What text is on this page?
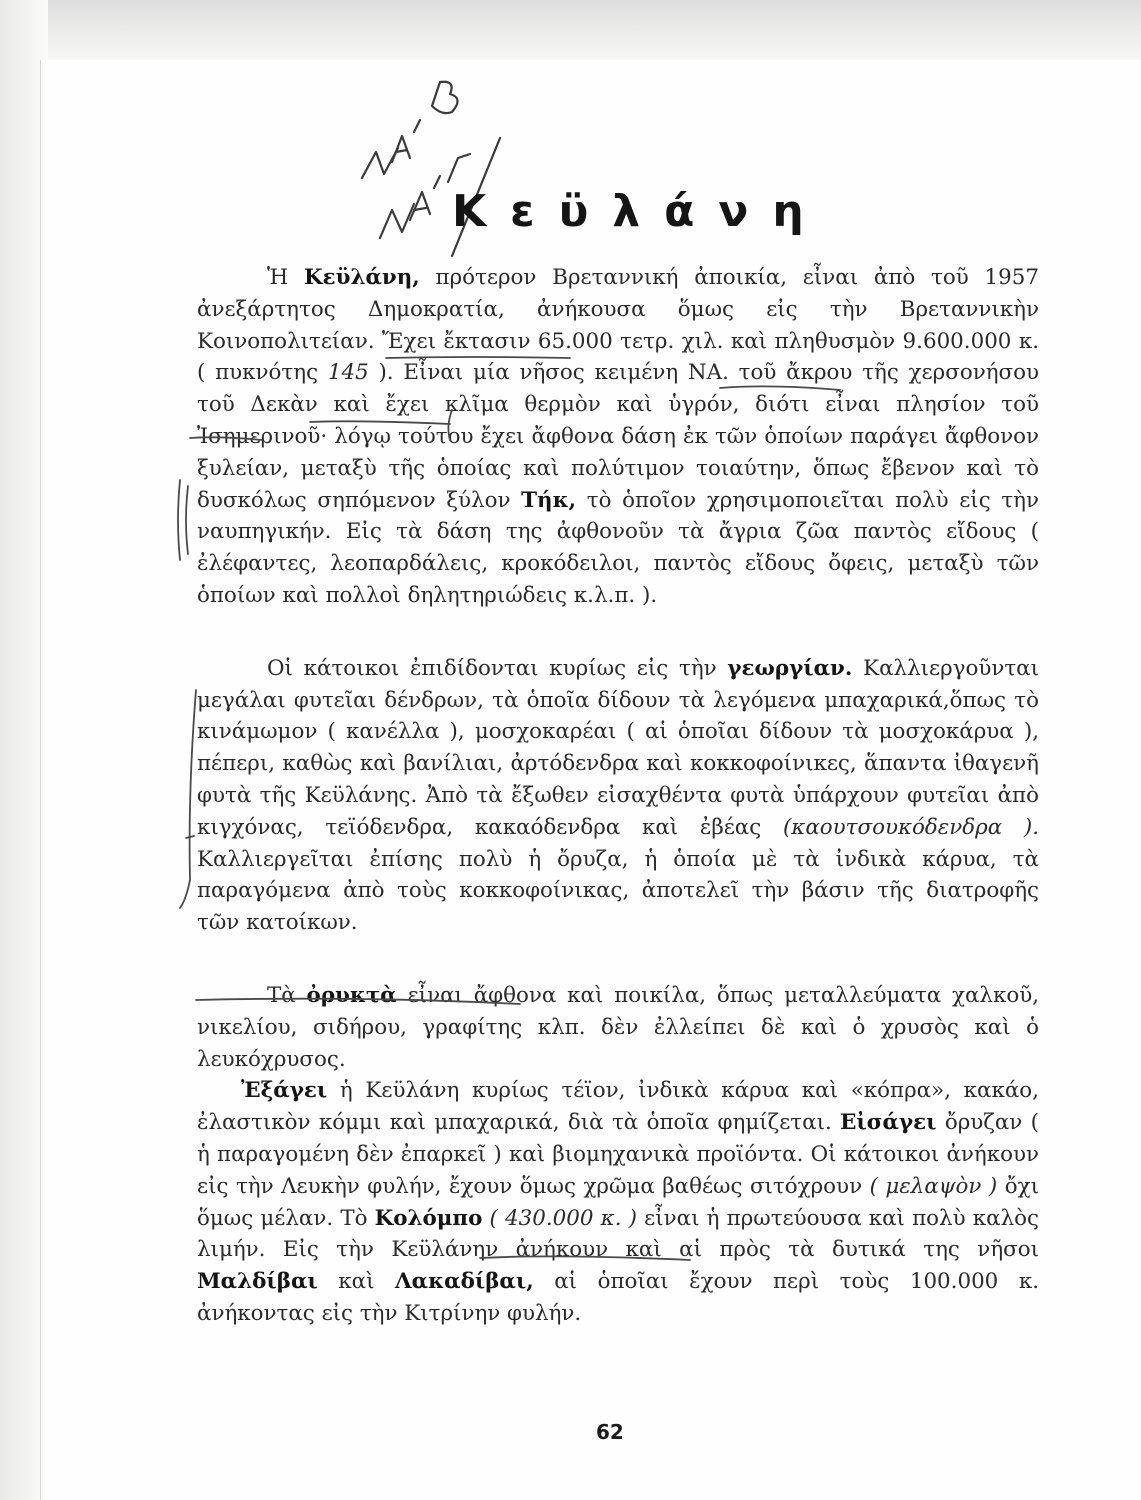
Κεϋλάνη

Ἡ Κεϋλάνη, πρότερον Βρεταννική ἀποικία, εἶναι ἀπὸ τοῦ 1957 ἀνεξάρτητος Δημοκρατία, ἀνήκουσα ὅμως εἰς τὴν Βρεταννικὴν Κοινοπολιτείαν. Ἔχει ἔκτασιν 65.000 τετρ. χιλ. καὶ πληθυσμὸν 9.600.000 κ. ( πυκνότης 145 ). Εἶναι μία νῆσος κειμένη ΝΑ. τοῦ ἄκρου τῆς χερσονήσου τοῦ Δεκὰν καὶ ἔχει κλῖμα θερμὸν καὶ ὑγρόν, διότι εἶναι πλησίον τοῦ Ἰσημερινοῦ· λόγῳ τούτου ἔχει ἄφθονα δάση ἐκ τῶν ὁποίων παράγει ἄφθονον ξυλείαν, μεταξὺ τῆς ὁποίας καὶ πολύτιμον τοιαύτην, ὅπως ἔβενον καὶ τὸ δυσκόλως σηπόμενον ξύλον Τήκ, τὸ ὁποῖον χρησιμοποιεῖται πολὺ εἰς τὴν ναυπηγικήν. Εἰς τὰ δάση της ἀφθονοῦν τὰ ἄγρια ζῶα παντὸς εἴδους ( ἐλέφαντες, λεοπαρδάλεις, κροκόδειλοι, παντὸς εἴδους ὄφεις, μεταξὺ τῶν ὁποίων καὶ πολλοὶ δηλητηριώδεις κ.λ.π. ).

Οἱ κάτοικοι ἐπιδίδονται κυρίως εἰς τὴν γεωργίαν. Καλλιεργοῦνται μεγάλαι φυτεῖαι δένδρων, τὰ ὁποῖα δίδουν τὰ λεγόμενα μπαχαρικά,ὅπως τὸ κινάμωμον ( κανέλλα ), μοσχοκαρέαι ( αἱ ὁποῖαι δίδουν τὰ μοσχοκάρυα ), πέπερι, καθὼς καὶ βανίλιαι, ἀρτόδενδρα καὶ κοκκοφοίνικες, ἅπαντα ἰθαγενῆ φυτὰ τῆς Κεϋλάνης. Ἀπὸ τὰ ἔξωθεν εἰσαχθέντα φυτὰ ὑπάρχουν φυτεῖαι ἀπὸ κιγχόνας, τεϊόδενδρα, κακαόδενδρα καὶ ἐβέας (καουτσουκόδενδρα ). Καλλιεργεῖται ἐπίσης πολὺ ἡ ὄρυζα, ἡ ὁποία μὲ τὰ ἰνδικὰ κάρυα, τὰ παραγόμενα ἀπὸ τοὺς κοκκοφοίνικας, ἀποτελεῖ τὴν βάσιν τῆς διατροφῆς τῶν κατοίκων.

Τὰ ὀρυκτὰ εἶναι ἄφθονα καὶ ποικίλα, ὅπως μεταλλεύματα χαλκοῦ, νικελίου, σιδήρου, γραφίτης κλπ. δὲν ἐλλείπει δὲ καὶ ὁ χρυσὸς καὶ ὁ λευκόχρυσος.

Ἐξάγει ἡ Κεϋλάνη κυρίως τέϊον, ἰνδικὰ κάρυα καὶ «κόπρα», κακάο, ἐλαστικὸν κόμμι καὶ μπαχαρικά, διὰ τὰ ὁποῖα φημίζεται. Εἰσάγει ὄρυζαν ( ἡ παραγομένη δὲν ἐπαρκεῖ ) καὶ βιομηχανικὰ προϊόντα. Οἱ κάτοικοι ἀνήκουν εἰς τὴν Λευκὴν φυλήν, ἔχουν ὅμως χρῶμα βαθέως σιτόχρουν ( μελαψὸν ) ὄχι ὅμως μέλαν. Τὸ Κολόμπο ( 430.000 κ. ) εἶναι ἡ πρωτεύουσα καὶ πολὺ καλὸς λιμήν. Εἰς τὴν Κεϋλάνην ἀνήκουν καὶ αἱ πρὸς τὰ δυτικά της νῆσοι Μαλδίβαι καὶ Λακαδίβαι, αἱ ὁποῖαι ἔχουν περὶ τοὺς 100.000 κ. ἀνήκοντας εἰς τὴν Κιτρίνην φυλήν.

62
